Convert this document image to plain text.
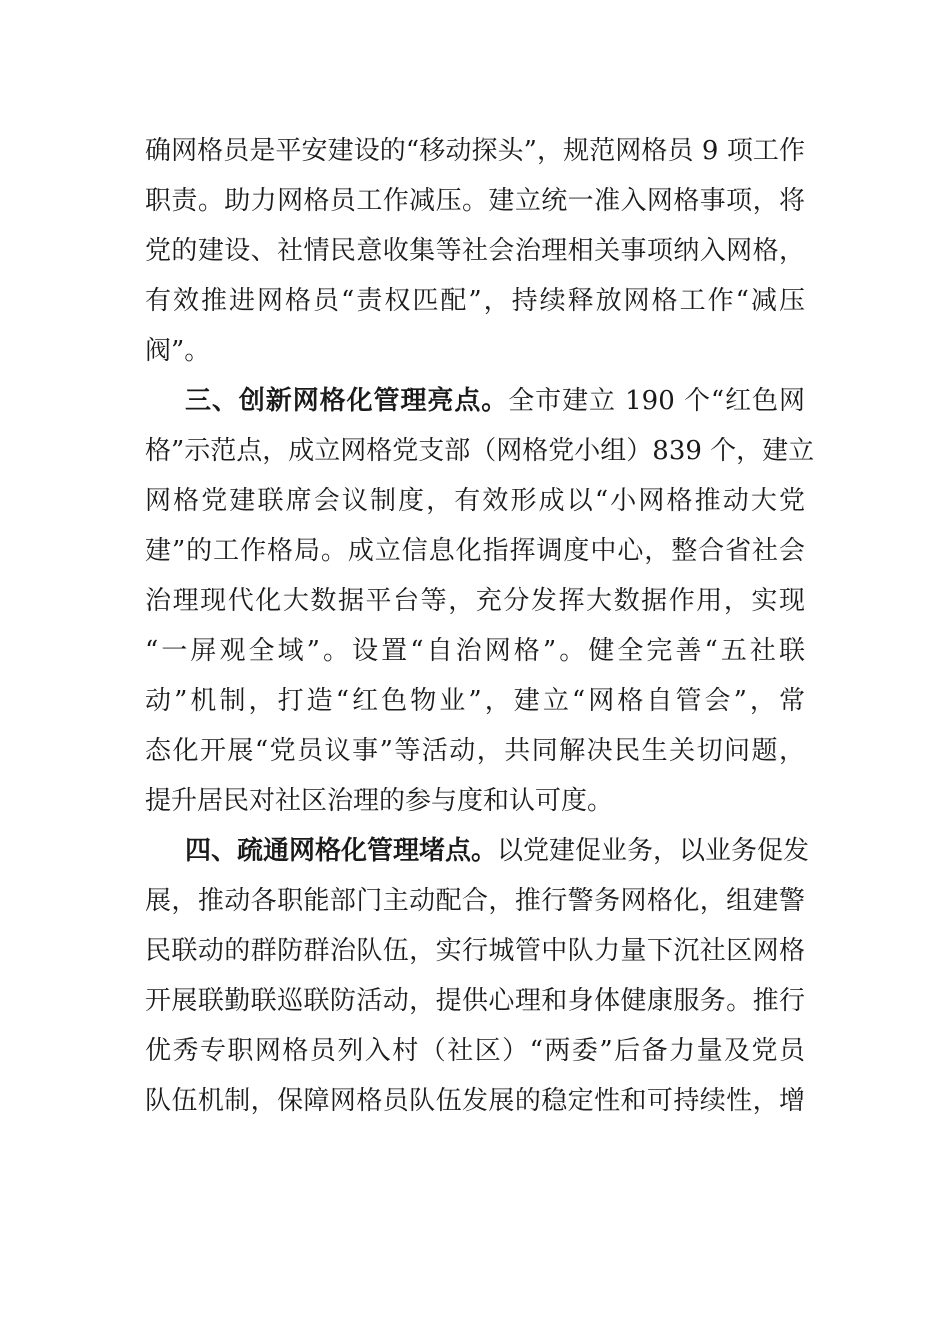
确网格员是平安建设的“移动探头”，规范网格员 9 项工作
职责。助力网格员工作减压。建立统一准入网格事项，将
党的建设、社情民意收集等社会治理相关事项纳入网格，
有效推进网格员“责权匹配”，持续释放网格工作“减压
阀”。
三、创新网格化管理亮点。全市建立 190 个“红色网
格”示范点，成立网格党支部（网格党小组）839 个，建立
网格党建联席会议制度，有效形成以“小网格推动大党
建”的工作格局。成立信息化指挥调度中心，整合省社会
治理现代化大数据平台等，充分发挥大数据作用，实现
“一屏观全域”。设置“自治网格”。健全完善“五社联
动”机制，打造“红色物业”，建立“网格自管会”，常
态化开展“党员议事”等活动，共同解决民生关切问题，
提升居民对社区治理的参与度和认可度。
四、疏通网格化管理堵点。以党建促业务，以业务促发
展，推动各职能部门主动配合，推行警务网格化，组建警
民联动的群防群治队伍，实行城管中队力量下沉社区网格
开展联勤联巡联防活动，提供心理和身体健康服务。推行
优秀专职网格员列入村（社区）“两委”后备力量及党员
队伍机制，保障网格员队伍发展的稳定性和可持续性，增
